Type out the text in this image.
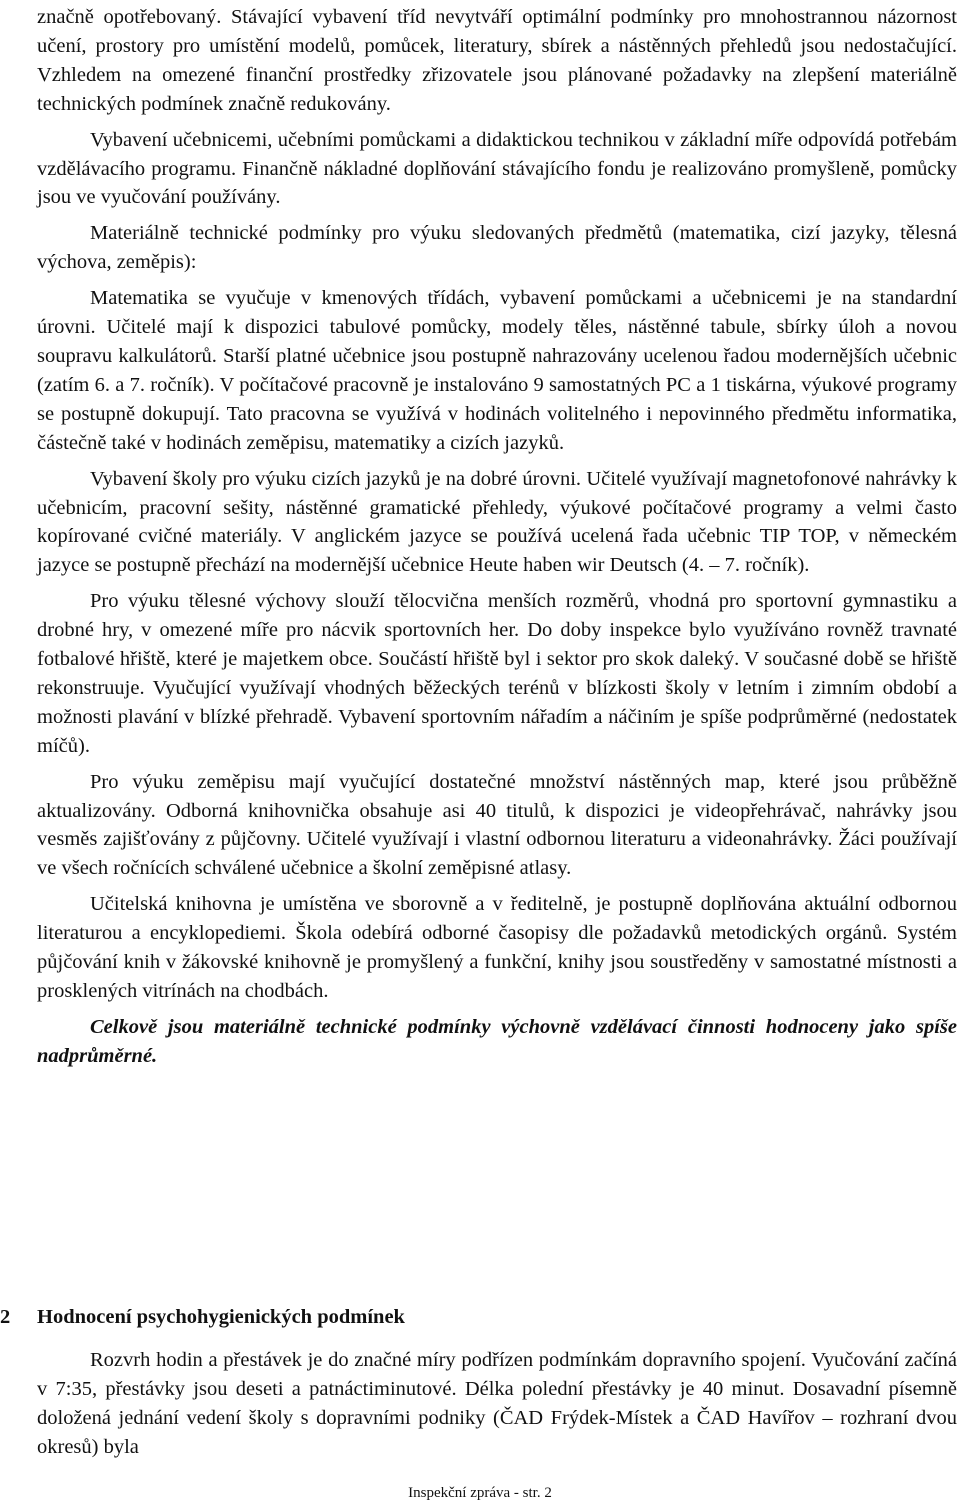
značně opotřebovaný. Stávající vybavení tříd nevytváří optimální podmínky pro mnohostrannou názornost učení, prostory pro umístění modelů, pomůcek, literatury, sbírek a nástěnných přehledů jsou nedostačující. Vzhledem na omezené finanční prostředky zřizovatele jsou plánované požadavky na zlepšení materiálně technických podmínek značně redukovány.

Vybavení učebnicemi, učebními pomůckami a didaktickou technikou v základní míře odpovídá potřebám vzdělávacího programu. Finančně nákladné doplňování stávajícího fondu je realizováno promyšleně, pomůcky jsou ve vyučování používány.

Materiálně technické podmínky pro výuku sledovaných předmětů (matematika, cizí jazyky, tělesná výchova, zeměpis):

Matematika se vyučuje v kmenových třídách, vybavení pomůckami a učebnicemi je na standardní úrovni. Učitelé mají k dispozici tabulové pomůcky, modely těles, nástěnné tabule, sbírky úloh a novou soupravu kalkulátorů. Starší platné učebnice jsou postupně nahrazovány ucelenou řadou modernějších učebnic (zatím 6. a 7. ročník). V počítačové pracovně je instalováno 9 samostatných PC a 1 tiskárna, výukové programy se postupně dokupují. Tato pracovna se využívá v hodinách volitelného i nepovinného předmětu informatika, částečně také v hodinách zeměpisu, matematiky a cizích jazyků.

Vybavení školy pro výuku cizích jazyků je na dobré úrovni. Učitelé využívají magnetofonové nahrávky k učebnicím, pracovní sešity, nástěnné gramatické přehledy, výukové počítačové programy a velmi často kopírované cvičné materiály. V anglickém jazyce se používá ucelená řada učebnic TIP TOP, v německém jazyce se postupně přechází na modernější učebnice Heute haben wir Deutsch (4. – 7. ročník).

Pro výuku tělesné výchovy slouží tělocvična menších rozměrů, vhodná pro sportovní gymnastiku a drobné hry, v omezené míře pro nácvik sportovních her. Do doby inspekce bylo využíváno rovněž travnaté fotbalové hřiště, které je majetkem obce. Součástí hřiště byl i sektor pro skok daleký. V současné době se hřiště rekonstruuje. Vyučující využívají vhodných běžeckých terénů v blízkosti školy v letním i zimním období a možnosti plavání v blízké přehradě. Vybavení sportovním nářadím a náčiním je spíše podprůměrné (nedostatek míčů).

Pro výuku zeměpisu mají vyučující dostatečné množství nástěnných map, které jsou průběžně aktualizovány. Odborná knihovnička obsahuje asi 40 titulů, k dispozici je videopřehrávač, nahrávky jsou vesměs zajišťovány z půjčovny. Učitelé využívají i vlastní odbornou literaturu a videonahrávky. Žáci používají ve všech ročnících schválené učebnice a školní zeměpisné atlasy.

Učitelská knihovna je umístěna ve sborovně a v ředitelně, je postupně doplňována aktuální odbornou literaturou a encyklopediemi. Škola odebírá odborné časopisy dle požadavků metodických orgánů. Systém půjčování knih v žákovské knihovně je promyšlený a funkční, knihy jsou soustředěny v samostatné místnosti a prosklených vitrínách na chodbách.

Celkově jsou materiálně technické podmínky výchovně vzdělávací činnosti hodnoceny jako spíše nadprůměrné.

2 Hodnocení psychohygienických podmínek

Rozvrh hodin a přestávek je do značné míry podřízen podmínkám dopravního spojení. Vyučování začíná v 7:35, přestávky jsou deseti a patnáctiminutové. Délka polední přestávky je 40 minut. Dosavadní písemně doložená jednání vedení školy s dopravními podniky (ČAD Frýdek-Místek a ČAD Havířov – rozhraní dvou okresů) byla

Inspekční zpráva - str. 2
